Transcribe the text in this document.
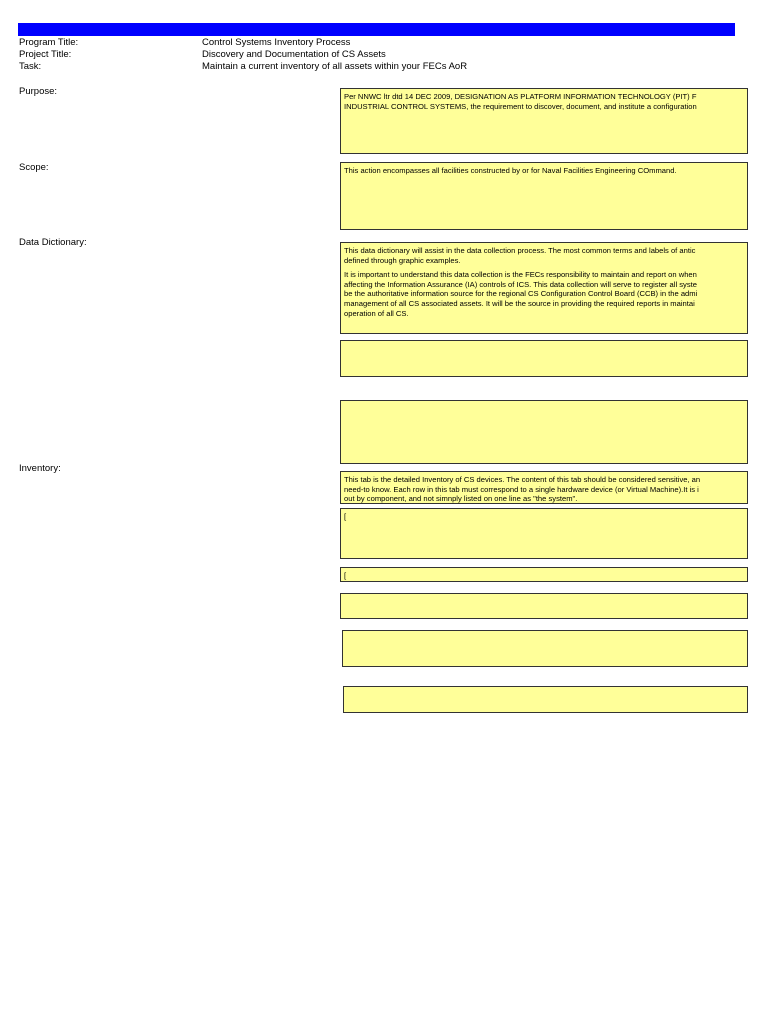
Program Title:	Control Systems Inventory Process
Project Title:	Discovery and Documentation of CS Assets
Task:	Maintain a current inventory of all assets within your FECs AoR
Purpose:	Per NNWC ltr dtd 14 DEC 2009, DESIGNATION AS PLATFORM INFORMATION TECHNOLOGY (PIT) F
INDUSTRIAL CONTROL SYSTEMS, the requirement to discover, document, and institute a configuration
Scope:	This action encompasses all facilities constructed by or for Naval Facilities Engineering COmmand.
Data Dictionary:
This data dictionary will assist in the data collection process. The most common terms and labels of antic
defined through graphic examples.
It is important to understand this data collection is the FECs responsibility to maintain and report on when
affecting the Information Assurance (IA) controls of ICS. This data collection will serve to register all syste
be the authoritative information source for the regional CS Configuration Control Board (CCB) in the admi
management of all CS associated assets. It will be the source in providing the required reports in maintai
operation of all CS.
Inventory:
This tab is the detailed Inventory of CS devices. The content of this tab should be considered sensitive, an
need-to know. Each row in this tab must correspond to a single hardware device (or Virtual Machine).It is i
out by component, and not simnply listed on one line as "the system".
[
[
